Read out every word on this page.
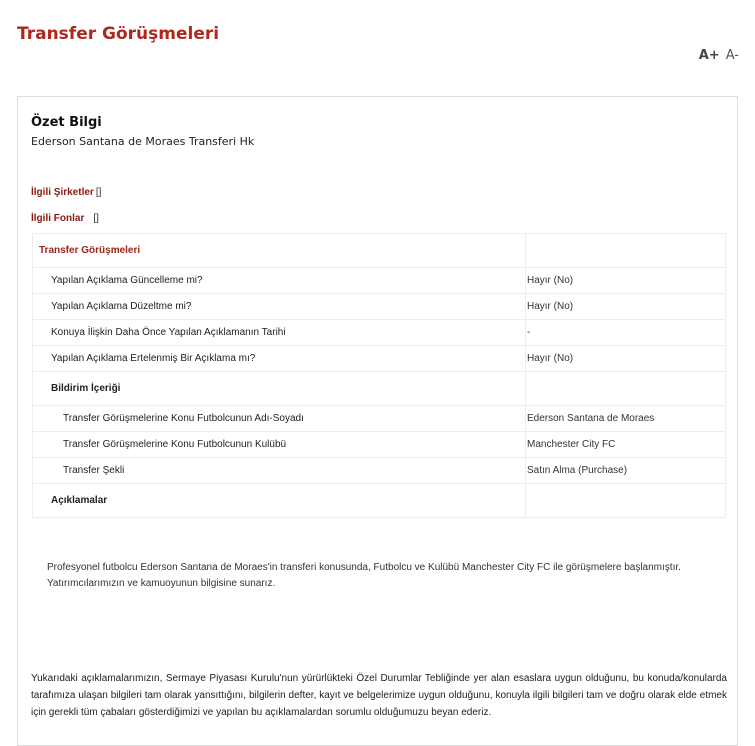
Transfer Görüşmeleri
A+ A-
Özet Bilgi
Ederson Santana de Moraes Transferi Hk
İlgili Şirketler []
İlgili Fonlar []
Transfer Görüşmeleri	
Yapılan Açıklama Güncelleme mi?	Hayır (No)
Yapılan Açıklama Düzeltme mi?	Hayır (No)
Konuya İlişkin Daha Önce Yapılan Açıklamanın Tarihi	-
Yapılan Açıklama Ertelenmiş Bir Açıklama mı?	Hayır (No)
Bildirim İçeriği	
Transfer Görüşmelerine Konu Futbolcunun Adı-Soyadı	Ederson Santana de Moraes
Transfer Görüşmelerine Konu Futbolcunun Kulübü	Manchester City FC
Transfer Şekli	Satın Alma (Purchase)
Açıklamalar	
Profesyonel futbolcu Ederson Santana de Moraes'in transferi konusunda, Futbolcu ve Kulübü Manchester City FC ile görüşmelere başlanmıştır. Yatırımcılarımızın ve kamuoyunun bilgisine sunarız.
Yukarıdaki açıklamalarımızın, Sermaye Piyasası Kurulu'nun yürürlükteki Özel Durumlar Tebliğinde yer alan esaslara uygun olduğunu, bu konuda/konularda tarafımıza ulaşan bilgileri tam olarak yansıttığını, bilgilerin defter, kayıt ve belgelerimize uygun olduğunu, konuyla ilgili bilgileri tam ve doğru olarak elde etmek için gerekli tüm çabaları gösterdiğimizi ve yapılan bu açıklamalardan sorumlu olduğumuzu beyan ederiz.
